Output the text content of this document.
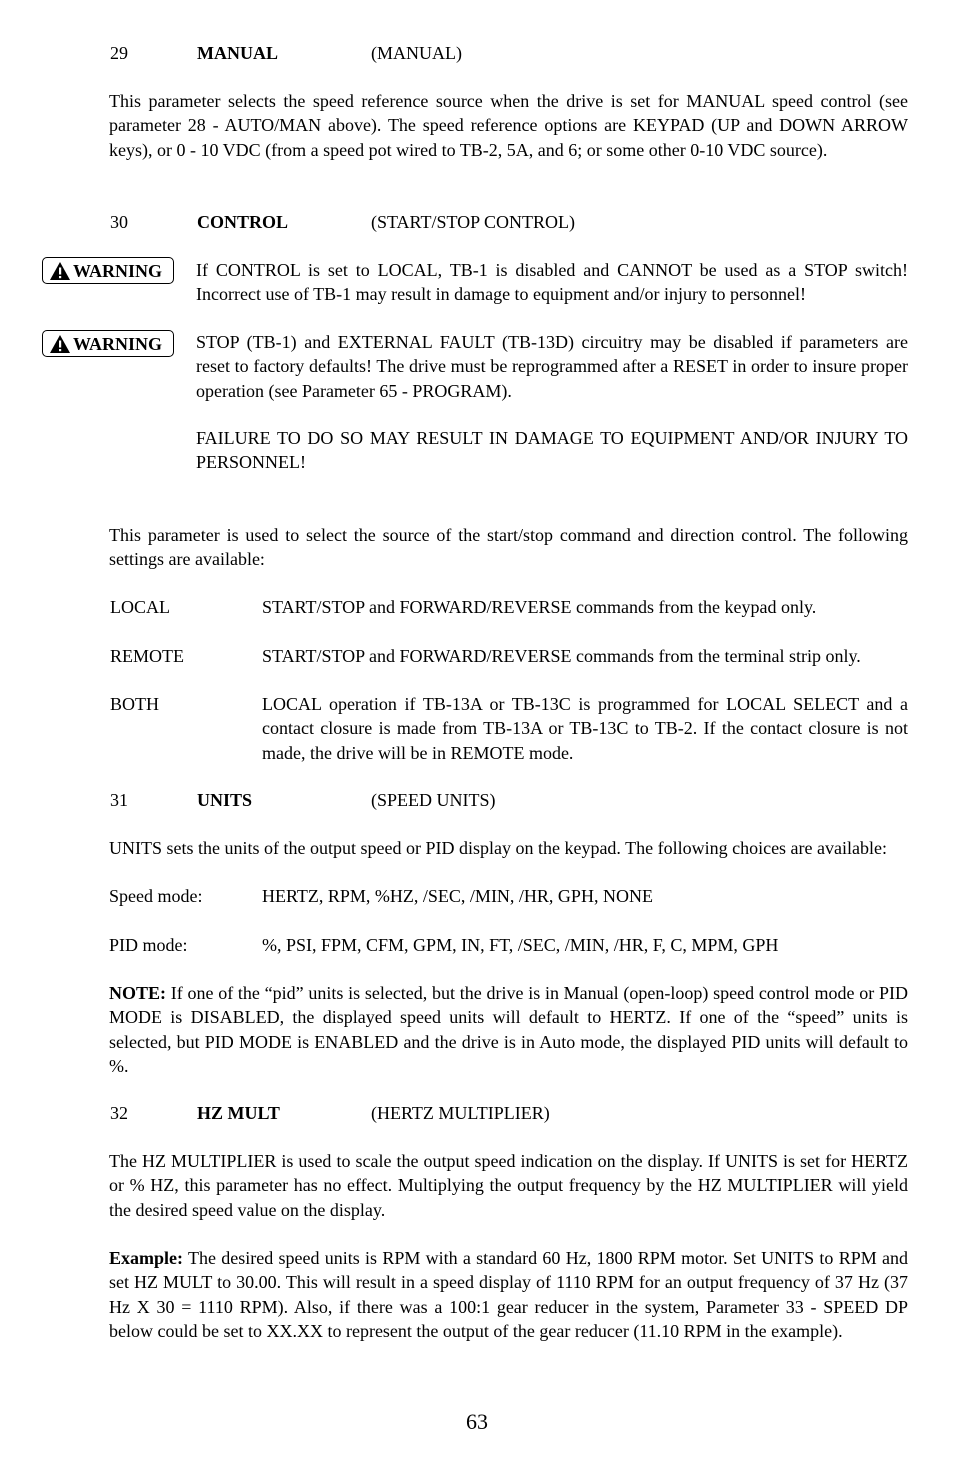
29	MANUAL	(MANUAL)

This parameter selects the speed reference source when the drive is set for MANUAL speed control (see parameter 28 - AUTO/MAN above). The speed reference options are KEYPAD (UP and DOWN ARROW keys), or 0 - 10 VDC (from a speed pot wired to TB-2, 5A, and 6; or some other 0-10 VDC source).

30	CONTROL	(START/STOP CONTROL)
WARNING If CONTROL is set to LOCAL, TB-1 is disabled and CANNOT be used as a STOP switch! Incorrect use of TB-1 may result in damage to equipment and/or injury to personnel!

WARNING STOP (TB-1) and EXTERNAL FAULT (TB-13D) circuitry may be disabled if parameters are reset to factory defaults! The drive must be reprogrammed after a RESET in order to insure proper operation (see Parameter 65 - PROGRAM).

FAILURE TO DO SO MAY RESULT IN DAMAGE TO EQUIPMENT AND/OR INJURY TO PERSONNEL!

This parameter is used to select the source of the start/stop command and direction control. The following settings are available:

LOCAL	START/STOP and FORWARD/REVERSE commands from the keypad only.

REMOTE	START/STOP and FORWARD/REVERSE commands from the terminal strip only.

BOTH	LOCAL operation if TB-13A or TB-13C is programmed for LOCAL SELECT and a contact closure is made from TB-13A or TB-13C to TB-2. If the contact closure is not made, the drive will be in REMOTE mode.

31	UNITS	(SPEED UNITS)

UNITS sets the units of the output speed or PID display on the keypad. The following choices are available:

Speed mode:	HERTZ, RPM, %HZ, /SEC, /MIN, /HR, GPH, NONE
PID mode:	%, PSI, FPM, CFM, GPM, IN, FT, /SEC, /MIN, /HR, F, C, MPM, GPH

NOTE: If one of the “pid” units is selected, but the drive is in Manual (open-loop) speed control mode or PID MODE is DISABLED, the displayed speed units will default to HERTZ. If one of the “speed” units is selected, but PID MODE is ENABLED and the drive is in Auto mode, the displayed PID units will default to %.

32	HZ MULT	(HERTZ MULTIPLIER)

The HZ MULTIPLIER is used to scale the output speed indication on the display. If UNITS is set for HERTZ or % HZ, this parameter has no effect. Multiplying the output frequency by the HZ MULTIPLIER will yield the desired speed value on the display.

Example: The desired speed units is RPM with a standard 60 Hz, 1800 RPM motor. Set UNITS to RPM and set HZ MULT to 30.00. This will result in a speed display of 1110 RPM for an output frequency of 37 Hz (37 Hz X 30 = 1110 RPM). Also, if there was a 100:1 gear reducer in the system, Parameter 33 - SPEED DP below could be set to XX.XX to represent the output of the gear reducer (11.10 RPM in the example).

63
